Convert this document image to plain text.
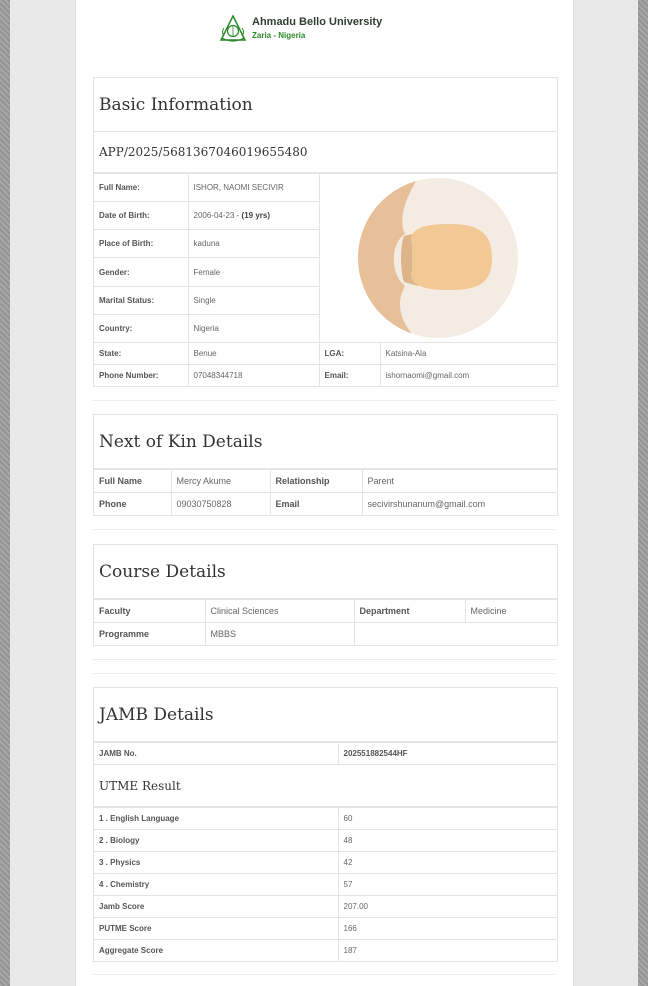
Ahmadu Bello University
Zaria - Nigeria
Basic Information
APP/2025/5681367046019655480
Full Name:	ISHOR, NAOMI SECIVIR	

Date of Birth:	2006-04-23 - (19 yrs)		
Place of Birth:	kaduna		
Gender:	Female		
Marital Status:	Single		
Country:	Nigeria		
State:	Benue	LGA:	Katsina-Ala
Phone Number:	07048344718	Email:	ishornaomi@gmail.com
Next of Kin Details
Full Name	Mercy Akume	Relationship	Parent
Phone	09030750828	Email	secivirshunanum@gmail.com
Course Details
Faculty	Clinical Sciences	Department	Medicine
Programme	MBBS		
JAMB Details
JAMB No.	202551882544HF
UTME Result
1 . English Language	60
2 . Biology	48
3 . Physics	42
4 . Chemistry	57
Jamb Score	207.00
PUTME Score	166
Aggregate Score	187
